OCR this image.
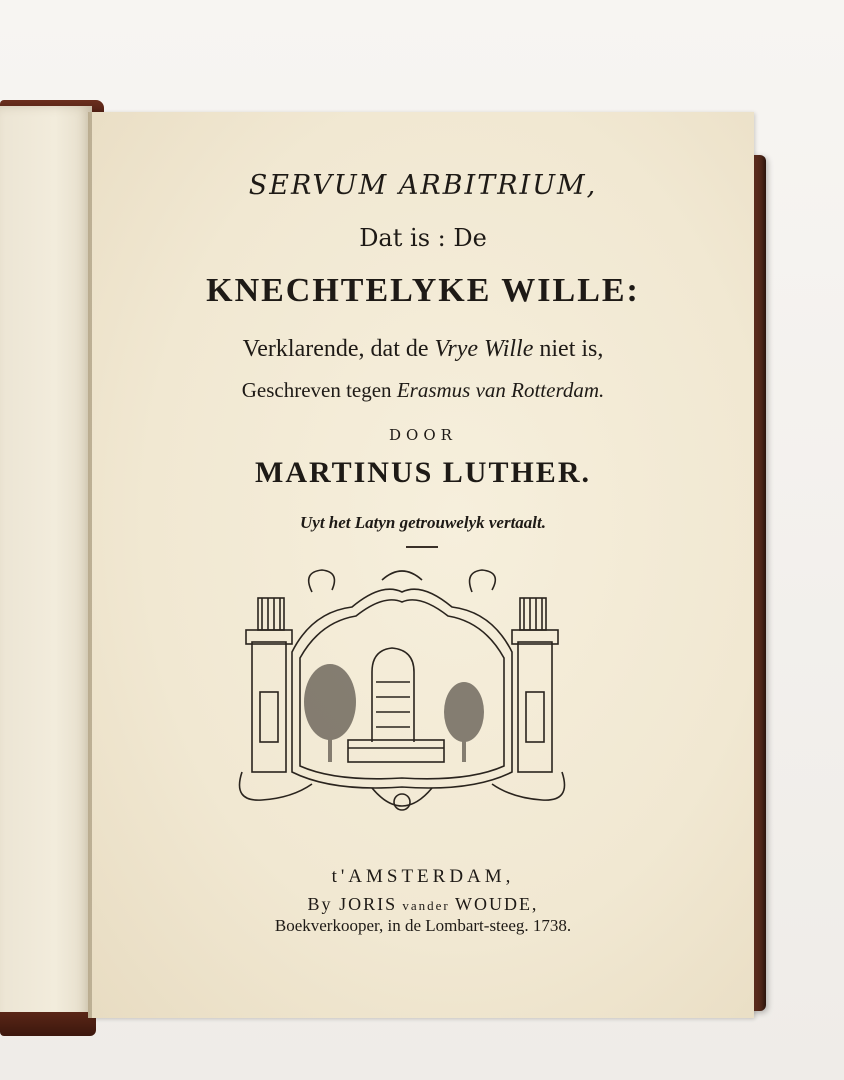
SERVUM ARBITRIUM,
Dat is : De
KNECHTELYKE WILLE:
Verklarende, dat de Vrye Wille niet is,
Geschreven tegen Erasmus van Rotterdam.
DOOR
MARTINUS LUTHER.
Uyt het Latyn getrouwelyk vertaalt.
t'AMSTERDAM,
By JORIS vander WOUDE,
Boekverkooper, in de Lombart-steeg. 1738.
